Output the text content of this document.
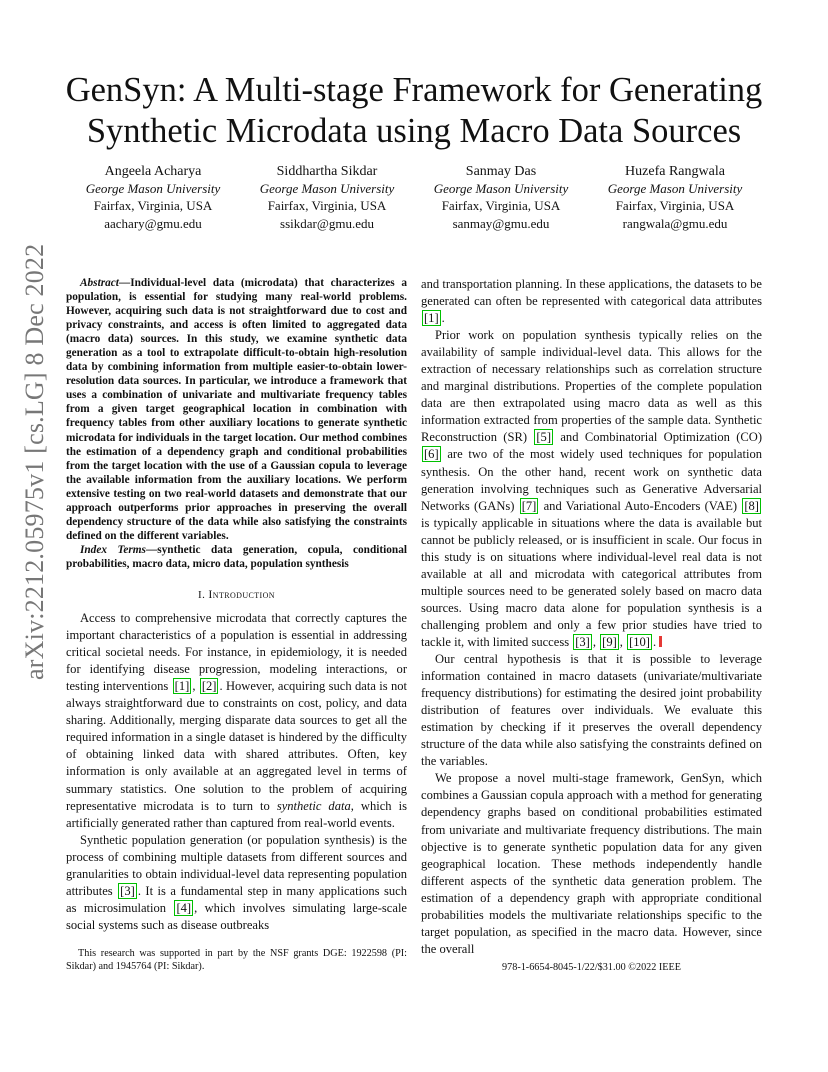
GenSyn: A Multi-stage Framework for Generating
Synthetic Microdata using Macro Data Sources
Angeela Acharya
George Mason University
Fairfax, Virginia, USA
aachary@gmu.edu
Siddhartha Sikdar
George Mason University
Fairfax, Virginia, USA
ssikdar@gmu.edu
Sanmay Das
George Mason University
Fairfax, Virginia, USA
sanmay@gmu.edu
Huzefa Rangwala
George Mason University
Fairfax, Virginia, USA
rangwala@gmu.edu
arXiv:2212.05975v1 [cs.LG] 8 Dec 2022	Abstract—Individual-level data (microdata) that characterizes a population, is essential for studying many real-world problems. However, acquiring such data is not straightforward due to cost and privacy constraints, and access is often limited to aggregated data (macro data) sources. In this study, we examine synthetic data generation as a tool to extrapolate difficult-to-obtain high-resolution data by combining information from multiple easier-to-obtain lower-resolution data sources. In particular, we introduce a framework that uses a combination of univariate and multivariate frequency tables from a given target geographical location in combination with frequency tables from other auxiliary locations to generate synthetic microdata for individuals in the target location. Our method combines the estimation of a dependency graph and conditional probabilities from the target location with the use of a Gaussian copula to leverage the available information from the auxiliary locations. We perform extensive testing on two real-world datasets and demonstrate that our approach outperforms prior approaches in preserving the overall dependency structure of the data while also satisfying the constraints defined on the different variables.

Index Terms—synthetic data generation, copula, conditional probabilities, macro data, micro data, population synthesis

I. Introduction

Access to comprehensive microdata that correctly captures the important characteristics of a population is essential in addressing critical societal needs. For instance, in epidemiology, it is needed for identifying disease progression, modeling interactions, or testing interventions [1] , [2] . However, acquiring such data is not always straightforward due to constraints on cost, policy, and data sharing. Additionally, merging disparate data sources to get all the required information in a single dataset is hindered by the difficulty of obtaining linked data with shared attributes. Often, key information is only available at an aggregated level in terms of summary statistics. One solution to the problem of acquiring representative microdata is to turn to synthetic data, which is artificially generated rather than captured from real-world events.

Synthetic population generation (or population synthesis) is the process of combining multiple datasets from different sources and granularities to obtain individual-level data representing population attributes [3] . It is a fundamental step in many applications such as microsimulation [4] , which involves simulating large-scale social systems such as disease outbreaks

and transportation planning. In these applications, the datasets to be generated can often be represented with categorical data attributes [1] .

Prior work on population synthesis typically relies on the availability of sample individual-level data. This allows for the extraction of necessary relationships such as correlation structure and marginal distributions. Properties of the complete population data are then extrapolated using macro data as well as this information extracted from properties of the sample data. Synthetic Reconstruction (SR) [5] and Combinatorial Optimization (CO) [6] are two of the most widely used techniques for population synthesis. On the other hand, recent work on synthetic data generation involving techniques such as Generative Adversarial Networks (GANs) [7] and Variational Auto-Encoders (VAE) [8] is typically applicable in situations where the data is available but cannot be publicly released, or is insufficient in scale. Our focus in this study is on situations where individual-level real data is not available at all and microdata with categorical attributes from multiple sources need to be generated solely based on macro data sources. Using macro data alone for population synthesis is a challenging problem and only a few prior studies have tried to tackle it, with limited success [3] , [9] , [10] .

Our central hypothesis is that it is possible to leverage information contained in macro datasets (univariate/multivariate frequency distributions) for estimating the desired joint probability distribution of features over individuals. We evaluate this estimation by checking if it preserves the overall dependency structure of the data while also satisfying the constraints defined on the variables.

We propose a novel multi-stage framework, GenSyn, which combines a Gaussian copula approach with a method for generating dependency graphs based on conditional probabilities estimated from univariate and multivariate frequency distributions. The main objective is to generate synthetic population data for any given geographical location. These methods independently handle different aspects of the synthetic data generation problem. The estimation of a dependency graph with appropriate conditional probabilities models the multivariate relationships specific to the target population, as specified in the macro data. However, since the overall

This research was supported in part by the NSF grants DGE: 1922598 (PI: Sikdar) and 1945764 (PI: Sikdar).	978-1-6654-8045-1/22/$31.00 ©2022 IEEE
